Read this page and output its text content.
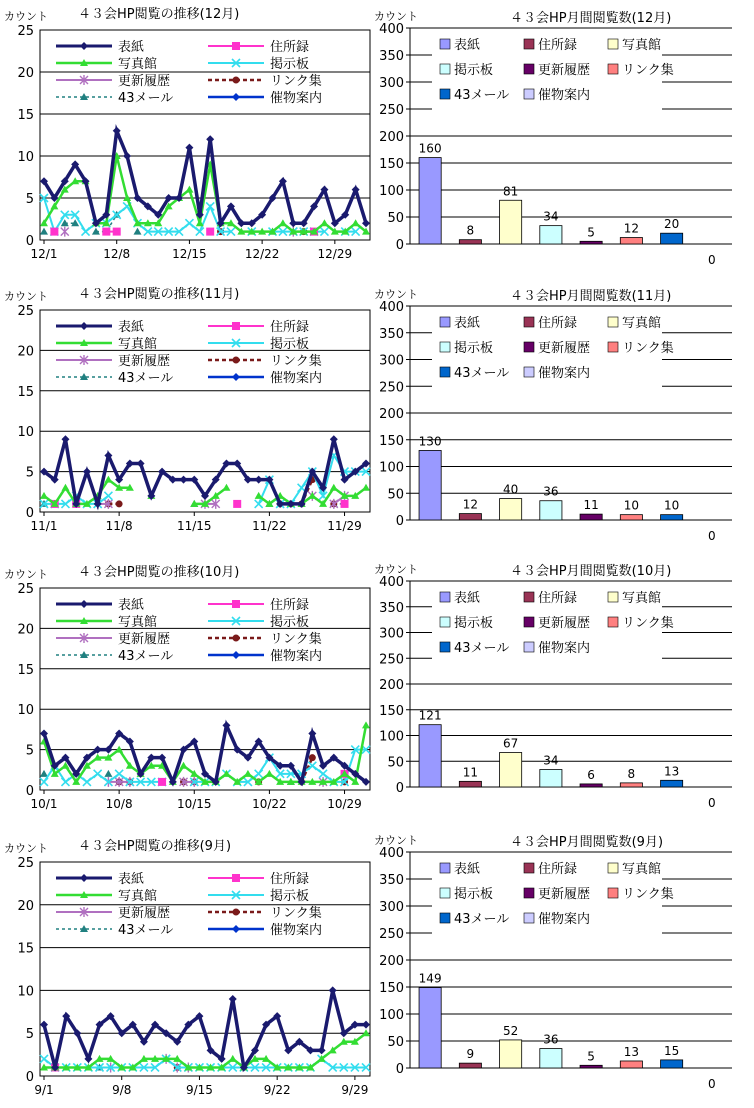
0
5
10
15
20
25
４３会HP閲覧の推移(12月)
カウント
12/1	12/8	12/15	12/22	12/29
表紙	住所録
写真館	掲示板
更新履歴	リンク集
43メール	催物案内
0
50
100
150
200
250
300
350
400
カウント	４３会HP月間閲覧数(12月)
表紙	住所録	写真館
掲示板	更新履歴 リンク集
43メール 催物案内
160
8
81
34
5 12 20
0
0
5
10
15
20
25
４３会HP閲覧の推移(11月)
カウント
11/1	11/8	11/15	11/22	11/29
表紙	住所録
写真館	掲示板
更新履歴	リンク集
43メール	催物案内
0
50
100
150
200
250
300
350
400
カウント	４３会HP月間閲覧数(11月)
表紙	住所録	写真館
掲示板	更新履歴 リンク集
43メール 催物案内
130
12
40 36
11 10 10
0
0
5
10
15
20
25
４３会HP閲覧の推移(10月)
カウント
10/1	10/8	10/15	10/22	10/29
表紙	住所録
写真館	掲示板
更新履歴	リンク集
43メール	催物案内
0
50
100
150
200
250
300
350
400
カウント	４３会HP月間閲覧数(10月)
表紙	住所録	写真館
掲示板	更新履歴 リンク集
43メール 催物案内
121
11
67
34
6	8 13
0
0
5
10
15
20
25
４３会HP閲覧の推移(9月)
カウント
9/1	9/8	9/15	9/22	9/29
表紙	住所録
写真館	掲示板
更新履歴	リンク集
43メール	催物案内
0
50
100
150
200
250
300
350
400
カウント	４３会HP月間閲覧数(9月)
表紙	住所録	写真館
掲示板	更新履歴 リンク集
43メール 催物案内
149
9
52
36
5 13 15
0
